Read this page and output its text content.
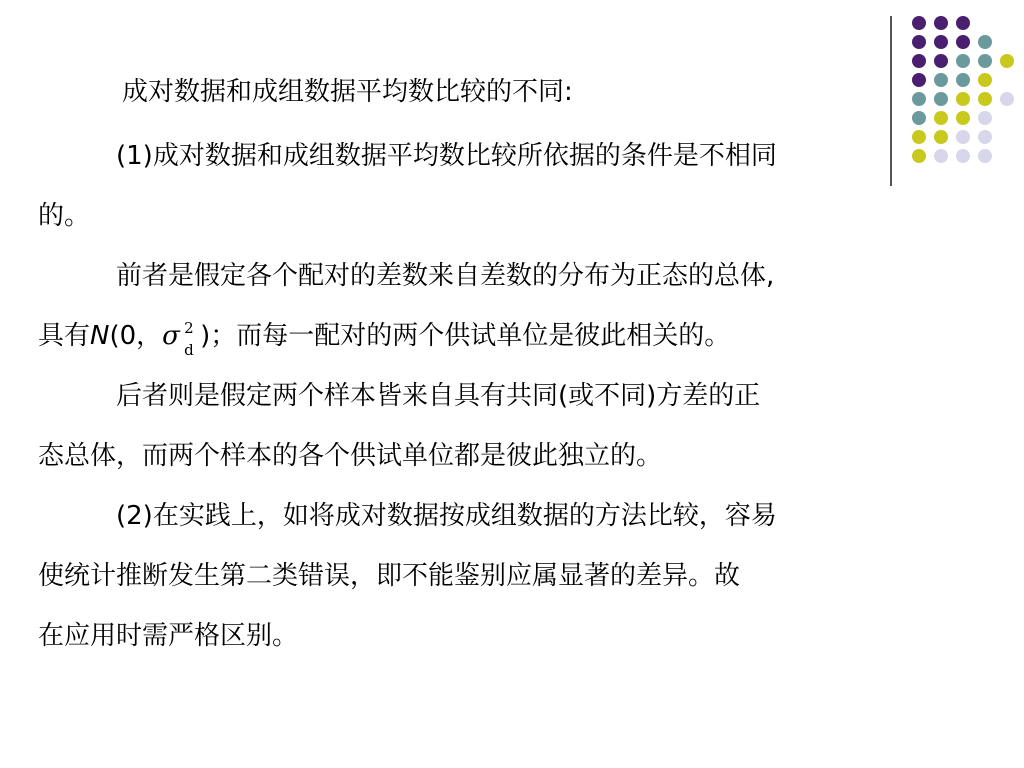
成对数据和成组数据平均数比较的不同:
(1)成对数据和成组数据平均数比较所依据的条件是不相同
的。
前者是假定各个配对的差数来自差数的分布为正态的总体,
具有N(0，σ 2
d )；而每一配对的两个供试单位是彼此相关的。
后者则是假定两个样本皆来自具有共同(或不同)方差的正
态总体，而两个样本的各个供试单位都是彼此独立的。
(2)在实践上，如将成对数据按成组数据的方法比较，容易
使统计推断发生第二类错误，即不能鉴别应属显著的差异。故
在应用时需严格区别。
